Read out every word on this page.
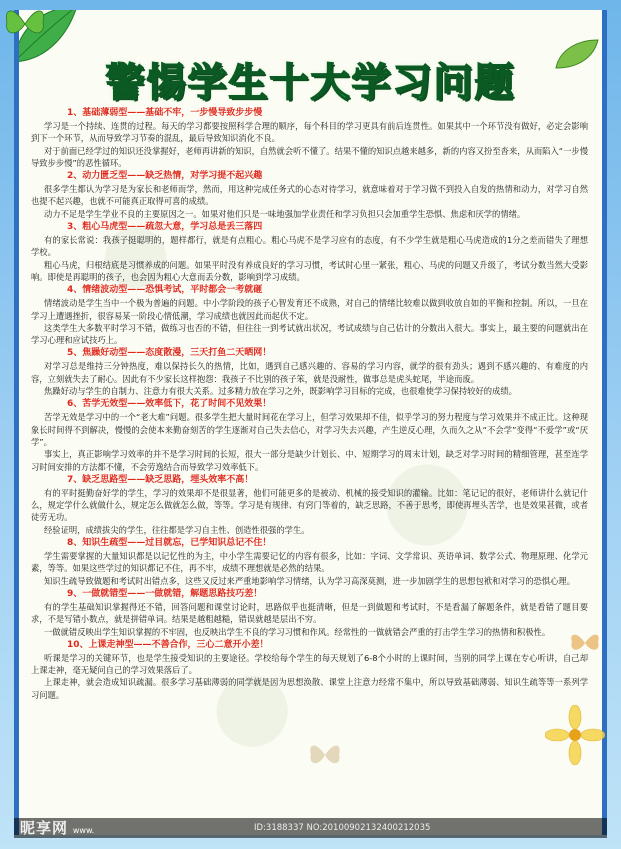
警惕学生十大学习问题
1、基础薄弱型——基础不牢，一步慢导致步步慢

学习是一个持续、连贯的过程。每天的学习都要按照科学合理的顺序，每个科目的学习更具有前后连贯性。如果其中一个环节没有做好，必定会影响到下一个环节，从而导致学习节奏的混乱，最后导致知识消化不良。

对于前面已经学过的知识还没掌握好，老师再讲新的知识，自然就会听不懂了。结果不懂的知识点越来越多，新的内容又扮至沓来，从而陷入“一步慢导致步步慢”的恶性循环。

2、动力匮乏型——缺乏热情，对学习提不起兴趣

很多学生都认为学习是为家长和老师而学，然而，用这种完成任务式的心态对待学习，就意味着对于学习做不到投入自发的热情和动力，对学习自然也提不起兴趣，也就不可能真正取得可喜的成绩。

动力不足是学生学业不良的主要原因之一。如果对他们只是一味地强加学业责任和学习负担只会加重学生恐惧、焦虑和厌学的情绪。

3、粗心马虎型——疏忽大意，学习总是丢三落四

有的家长常说：我孩子挺聪明的，题样都行，就是有点粗心。粗心马虎不是学习应有的态度，有不少学生就是粗心马虎造成的1分之差而错失了理想学校。

粗心马虎，归根结底是习惯养成的问题。如果平时没有养成良好的学习习惯，考试时心里一紧张，粗心、马虎的问题又升级了，考试分数当然大受影响。即使是再聪明的孩子，也会因为粗心大意而丢分数，影响到学习成绩。

4、情绪波动型——恐惧考试，平时都会一考就砸

情绪波动是学生当中一个极为普遍的问题。中小学阶段的孩子心智发育还不成熟，对自己的情绪比较难以做到收放自如的平衡和控制。所以，一旦在学习上遭遇挫折，很容易某一阶段心情低潮，学习成绩也就因此而起伏不定。

这类学生大多数平时学习不错，做练习也否的不错，但往往一到考试就出状况，考试成绩与自己估计的分数出入很大。事实上，最主要的问题就出在学习心理和应试技巧上。

5、焦躁好动型——态度散漫，三天打鱼二天晒网！

对学习总是维持三分钟热度，难以保持长久的热情，比如，遇到自己感兴趣的、容易的学习内容，就学的很有劲头；遇到不感兴趣的、有难度的内容，立刻就失去了耐心。因此有不少家长这样抱怨：我孩子不比别的孩子笨，就是没耐性，做事总是虎头蛇尾，半途而废。

焦躁好动与学生的自制力、注意力有很大关系。过多精力放在学习之外，既影响学习目标的完成，也很难使学习保持较好的成绩。

6、苦学无效型——效率低下，花了时间不见效果！

苦学无效是学习中的一个“老大难”问题。很多学生把大量时间花在学习上，但学习效果却不佳，似乎学习的努力程度与学习效果并不成正比。这种现象长时间得不到解决，慢慢的会使本来勤奋刻苦的学生逐渐对自己失去信心，对学习失去兴趣，产生逆反心理，久而久之从“不会学”变得“不爱学”或“厌学”。

事实上，真正影响学习效率的并不是学习时间的长短，很大一部分是缺少计划长、中、短期学习的周末计划，缺乏对学习时间的精细管理，甚至连学习时间安排的方法都不懂，不会劳逸结合而导致学习效率低下。

7、缺乏思路型——缺乏思路，埋头效率不高！

有的平时挺勤奋好学的学生，学习的效果却不是很显著，他们可能更多的是被动、机械的接受知识的灌输。比如：笔记记的很好，老师讲什么就记什么，规定学什么就做什么，规定怎么做就怎么做，等等。学习是有规律、有窍门等着的，缺乏思路，不善于思考，即使再埋头苦学，也是效果甚微，或者徒劳无功。

经验证明，成绩拔尖的学生，往往都是学习自主性、创造性很强的学生。

8、知识生疏型——过目就忘，已学知识总记不住！

学生需要掌握的大量知识都是以记忆性的为主，中小学生需要记忆的内容有很多，比如：字词、文学常识、英语单词、数学公式、物理原理、化学元素，等等。如果这些学过的知识都记不住，再不牢，成绩不理想就是必然的结果。

知识生疏导致做题和考试时出错点多，这些又反过来严重地影响学习情绪，认为学习高深莫测，进一步加剧学生的思想包袱和对学习的恐惧心理。

9、一做就错型——一做就错，解题思路技巧差！

有的学生基础知识掌握得还不错，回答问题和课堂讨论时，思路似乎也挺清晰，但是一到做题和考试时，不是看漏了解题条件，就是看错了题目要求，不是写错小数点，就是拼错单词。结果是越粗越糙，错误就越是层出不穷。

一做就错反映出学生知识掌握的不牢固，也反映出学生不良的学习习惯和作风。经常性的一做就错会严重的打击学生学习的热情和积极性。

10、上课走神型——不善合作，三心二意开小差！

听课是学习的关键环节，也是学生接受知识的主要途径。学校给每个学生的每天规划了6-8个小时的上课时间，当别的同学上课在专心听讲，自己却上课走神，毫无疑问自己的学习效果落后了。

上课走神，就会造成知识疏漏。很多学习基础薄弱的同学就是因为思想涣散、课堂上注意力经常不集中，所以导致基础薄弱、知识生疏等等一系列学习问题。

昵享网 www.	ID:3188337 NO:20100902132400212035
